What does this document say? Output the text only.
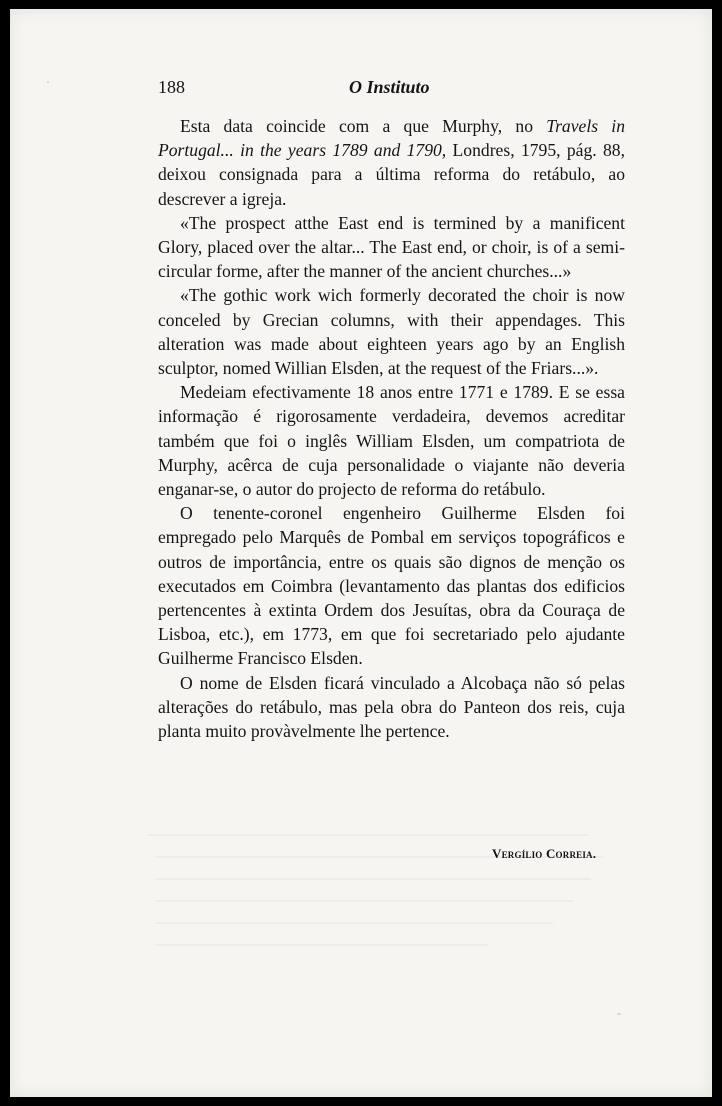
188	O Instituto

Esta data coincide com a que Murphy, no Travels in Portugal... in the years 1789 and 1790, Londres, 1795, pág. 88, deixou consignada para a última reforma do retábulo, ao descrever a igreja.

«The prospect atthe East end is termined by a manificent Glory, placed over the altar... The East end, or choir, is of a semi-circular forme, after the manner of the ancient churches...»

«The gothic work wich formerly decorated the choir is now conceled by Grecian columns, with their appendages. This alteration was made about eighteen years ago by an English sculptor, nomed Willian Elsden, at the request of the Friars...».

Medeiam efectivamente 18 anos entre 1771 e 1789. E se essa informação é rigorosamente verdadeira, devemos acreditar também que foi o inglês William Elsden, um compatriota de Murphy, acêrca de cuja personalidade o viajante não deveria enganar-se, o autor do projecto de reforma do retábulo.

O tenente-coronel engenheiro Guilherme Elsden foi empregado pelo Marquês de Pombal em serviços topográficos e outros de importância, entre os quais são dignos de menção os executados em Coimbra (levantamento das plantas dos edificios pertencentes à extinta Ordem dos Jesuítas, obra da Couraça de Lisboa, etc.), em 1773, em que foi secretariado pelo ajudante Guilherme Francisco Elsden.

O nome de Elsden ficará vinculado a Alcobaça não só pelas alterações do retábulo, mas pela obra do Panteon dos reis, cuja planta muito provàvelmente lhe pertence.

Vergílio Correia.
